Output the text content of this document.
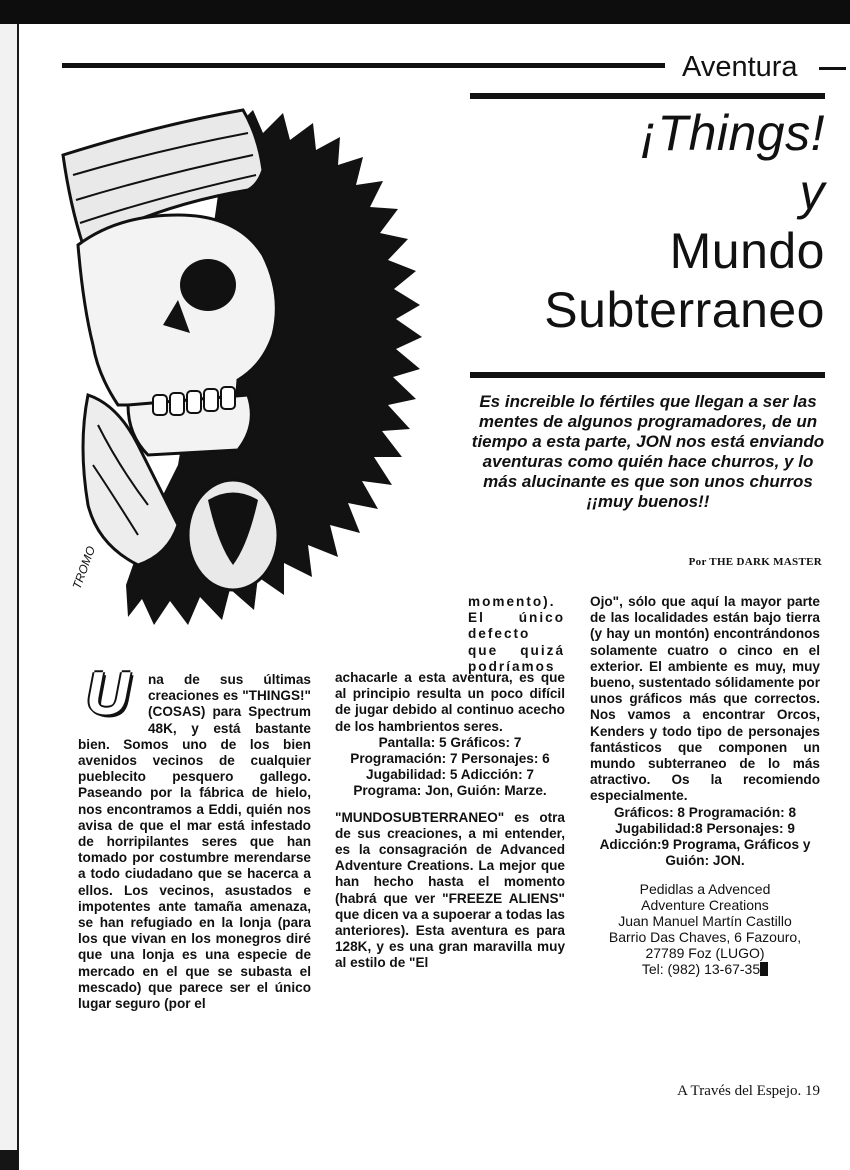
Aventura
¡Things!
y
Mundo
Subterraneo

Es increible lo fértiles que llegan a ser las mentes de algunos programadores, de un tiempo a esta parte, JON nos está enviando aventuras como quién hace churros, y lo más alucinante es que son unos churros ¡¡muy buenos!!

Por THE DARK MASTER
TROMO
U	na de sus últimas creaciones es "THINGS!" (COSAS) para Spectrum 48K, y está bastante bien. Somos uno de los bien avenidos vecinos de cualquier pueblecito pesquero gallego. Paseando por la fábrica de hielo, nos encontramos a Eddi, quién nos avisa de que el mar está infestado de horripilantes seres que han tomado por costumbre merendarse a todo ciudadano que se hacerca a ellos. Los vecinos, asustados e impotentes ante tamaña amenaza, se han refugiado en la lonja (para los que vivan en los monegros diré que una lonja es una especie de mercado en el que se subasta el mescado) que parece ser el único lugar seguro (por el

momento). El único defecto que quizá podríamos

achacarle a esta aventura, es que al principio resulta un poco difícil de jugar debido al continuo acecho de los hambrientos seres.

Pantalla: 5 Gráficos: 7 Programación: 7 Personajes: 6 Jugabilidad: 5 Adicción: 7 Programa: Jon, Guión: Marze.

"MUNDOSUBTERRANEO" es otra de sus creaciones, a mi entender, es la consagración de Advanced Adventure Creations. La mejor que han hecho hasta el momento (habrá que ver "FREEZE ALIENS" que dicen va a supoerar a todas las anteriores). Esta aventura es para 128K, y es una gran maravilla muy al estilo de "El

Ojo", sólo que aquí la mayor parte de las localidades están bajo tierra (y hay un montón) encontrándonos solamente cuatro o cinco en el exterior. El ambiente es muy, muy bueno, sustentado sólidamente por unos gráficos más que correctos. Nos vamos a encontrar Orcos, Kenders y todo tipo de personajes fantásticos que componen un mundo subterraneo de lo más atractivo. Os la recomiendo especialmente.

Gráficos: 8 Programación: 8 Jugabilidad:8 Personajes: 9 Adicción:9 Programa, Gráficos y Guión: JON.

Pedidlas a Advenced
Adventure Creations
Juan Manuel Martín Castillo
Barrio Das Chaves, 6 Fazouro,
27789 Foz (LUGO)
Tel: (982) 13-67-35
A Través del Espejo. 19
